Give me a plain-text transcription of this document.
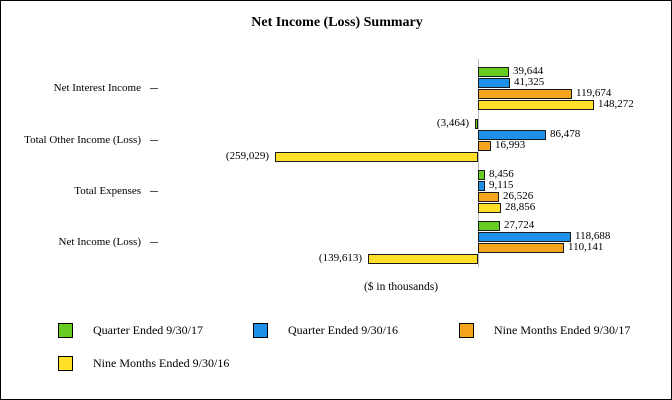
Net Income (Loss) Summary
Net Interest Income
39,644
41,325
119,674
148,272
Total Other Income (Loss)
(3,464)
86,478
16,993
(259,029)
Total Expenses
8,456
9,115
26,526
28,856
Net Income (Loss)
27,724
118,688
110,141
(139,613)
($ in thousands)
Quarter Ended 9/30/17	Quarter Ended 9/30/16	Nine Months Ended 9/30/17
Nine Months Ended 9/30/16
